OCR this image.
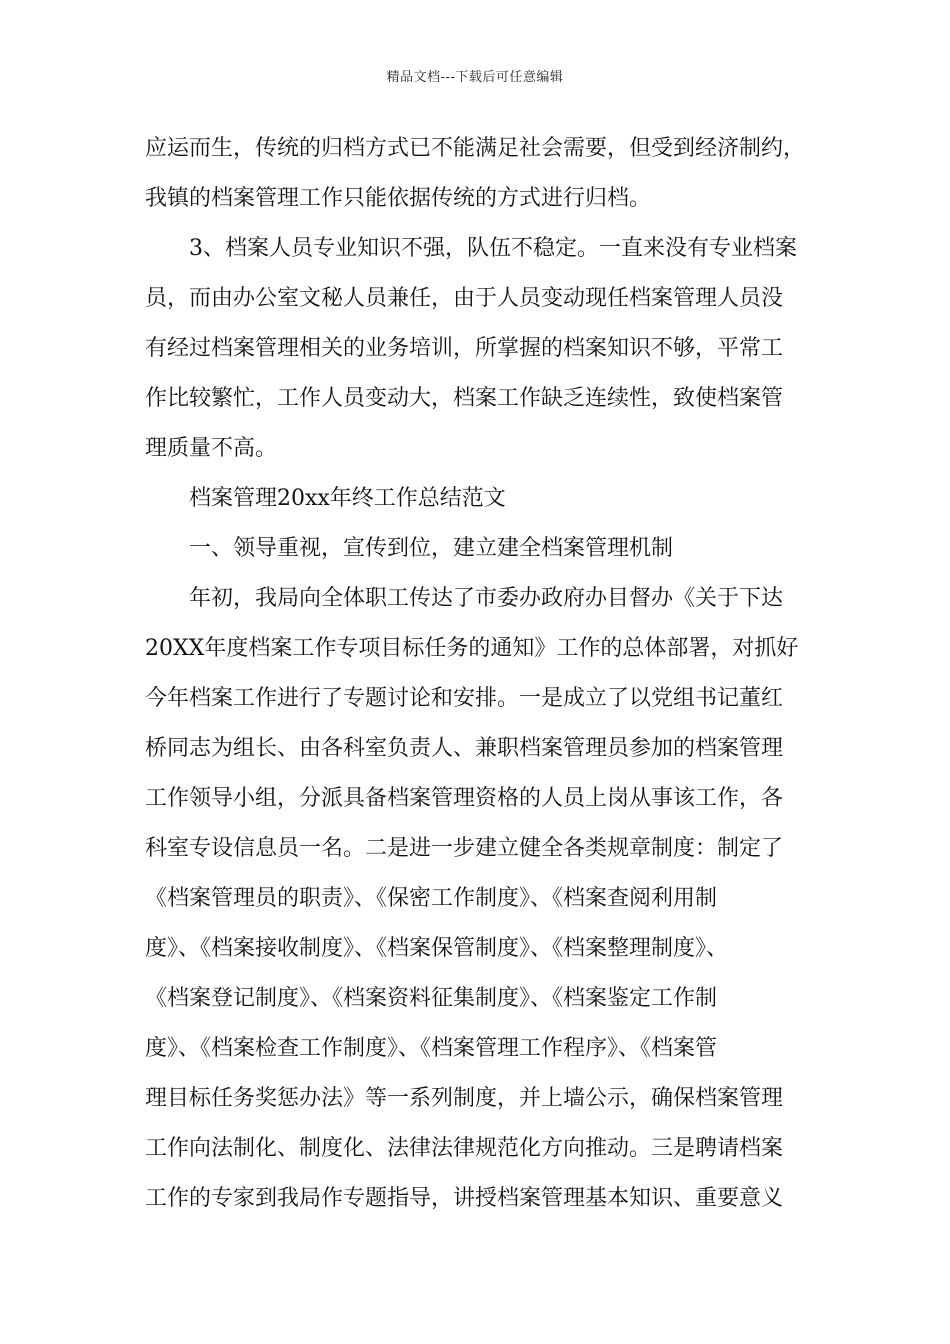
精品文档---下载后可任意编辑
应运而生，传统的归档方式已不能满足社会需要，但受到经济制约，
我镇的档案管理工作只能依据传统的方式进行归档。
3、档案人员专业知识不强，队伍不稳定。一直来没有专业档案
员，而由办公室文秘人员兼任，由于人员变动现任档案管理人员没
有经过档案管理相关的业务培训，所掌握的档案知识不够，平常工
作比较繁忙，工作人员变动大，档案工作缺乏连续性，致使档案管
理质量不高。
档案管理20xx年终工作总结范文
一、领导重视，宣传到位，建立建全档案管理机制
年初，我局向全体职工传达了市委办政府办目督办《关于下达
20XX年度档案工作专项目标任务的通知》工作的总体部署，对抓好
今年档案工作进行了专题讨论和安排。一是成立了以党组书记董红
桥同志为组长、由各科室负责人、兼职档案管理员参加的档案管理
工作领导小组，分派具备档案管理资格的人员上岗从事该工作，各
科室专设信息员一名。二是进一步建立健全各类规章制度：制定了
《档案管理员的职责》、《保密工作制度》、《档案查阅利用制
度》、《档案接收制度》、《档案保管制度》、《档案整理制度》、
《档案登记制度》、《档案资料征集制度》、《档案鉴定工作制
度》、《档案检查工作制度》、《档案管理工作程序》、《档案管
理目标任务奖惩办法》等一系列制度，并上墙公示，确保档案管理
工作向法制化、制度化、法律法律规范化方向推动。三是聘请档案
工作的专家到我局作专题指导，讲授档案管理基本知识、重要意义
